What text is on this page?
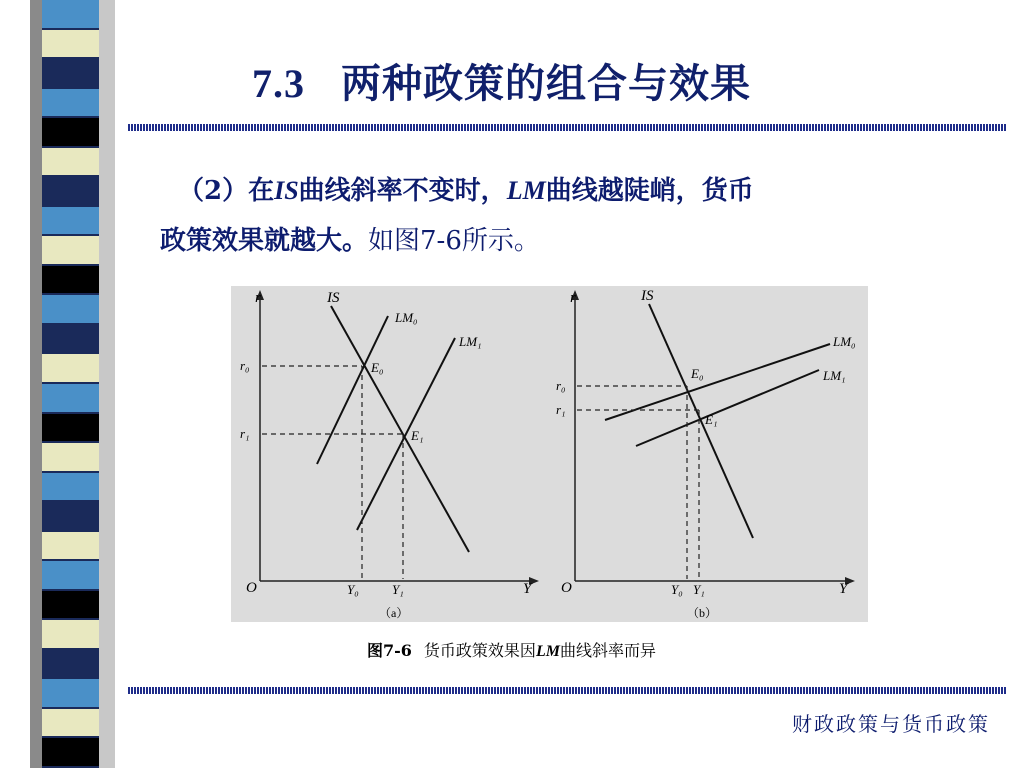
7.3 两种政策的组合与效果
（2）在IS曲线斜率不变时，LM曲线越陡峭，货币
政策效果就越大。如图7-6所示。
r
Y
O
IS
LM₀
LM₁
E₀
E₁
r₀
r₁
Y₀	Y₁
（a）
r
Y
O
IS
LM₀
LM₁
E₀
E₁
r₀
r₁
Y₀ Y₁
（b）
图7-6 货币政策效果因LM曲线斜率而异
财政政策与货币政策
